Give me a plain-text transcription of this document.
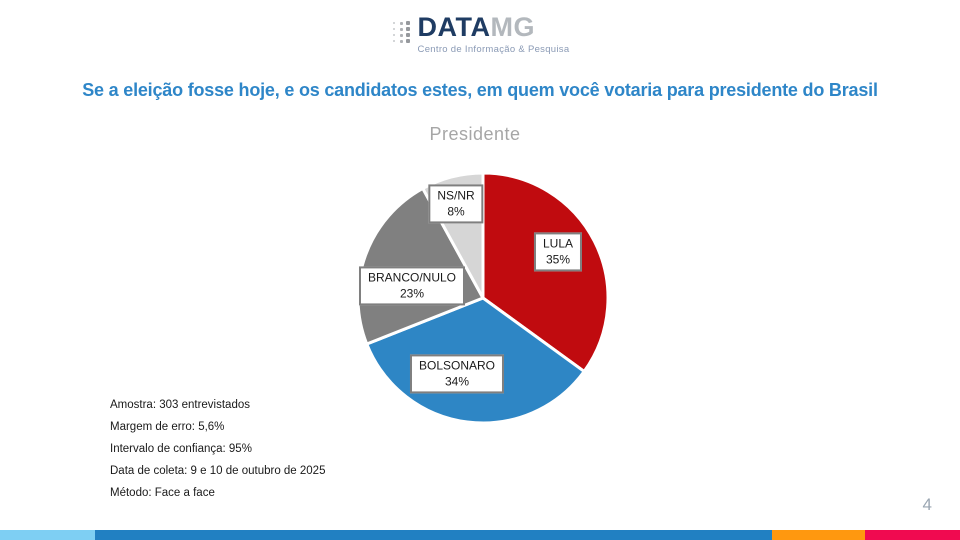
DATAMG
Centro de Informação & Pesquisa
Se a eleição fosse hoje, e os candidatos estes, em quem você votaria para presidente do Brasil
Presidente
NS/NR
8%
LULA
35%
BRANCO/NULO
23%
BOLSONARO
34%
Amostra: 303 entrevistados
Margem de erro: 5,6%
Intervalo de confiança: 95%
Data de coleta: 9 e 10 de outubro de 2025
Método: Face a face
4
